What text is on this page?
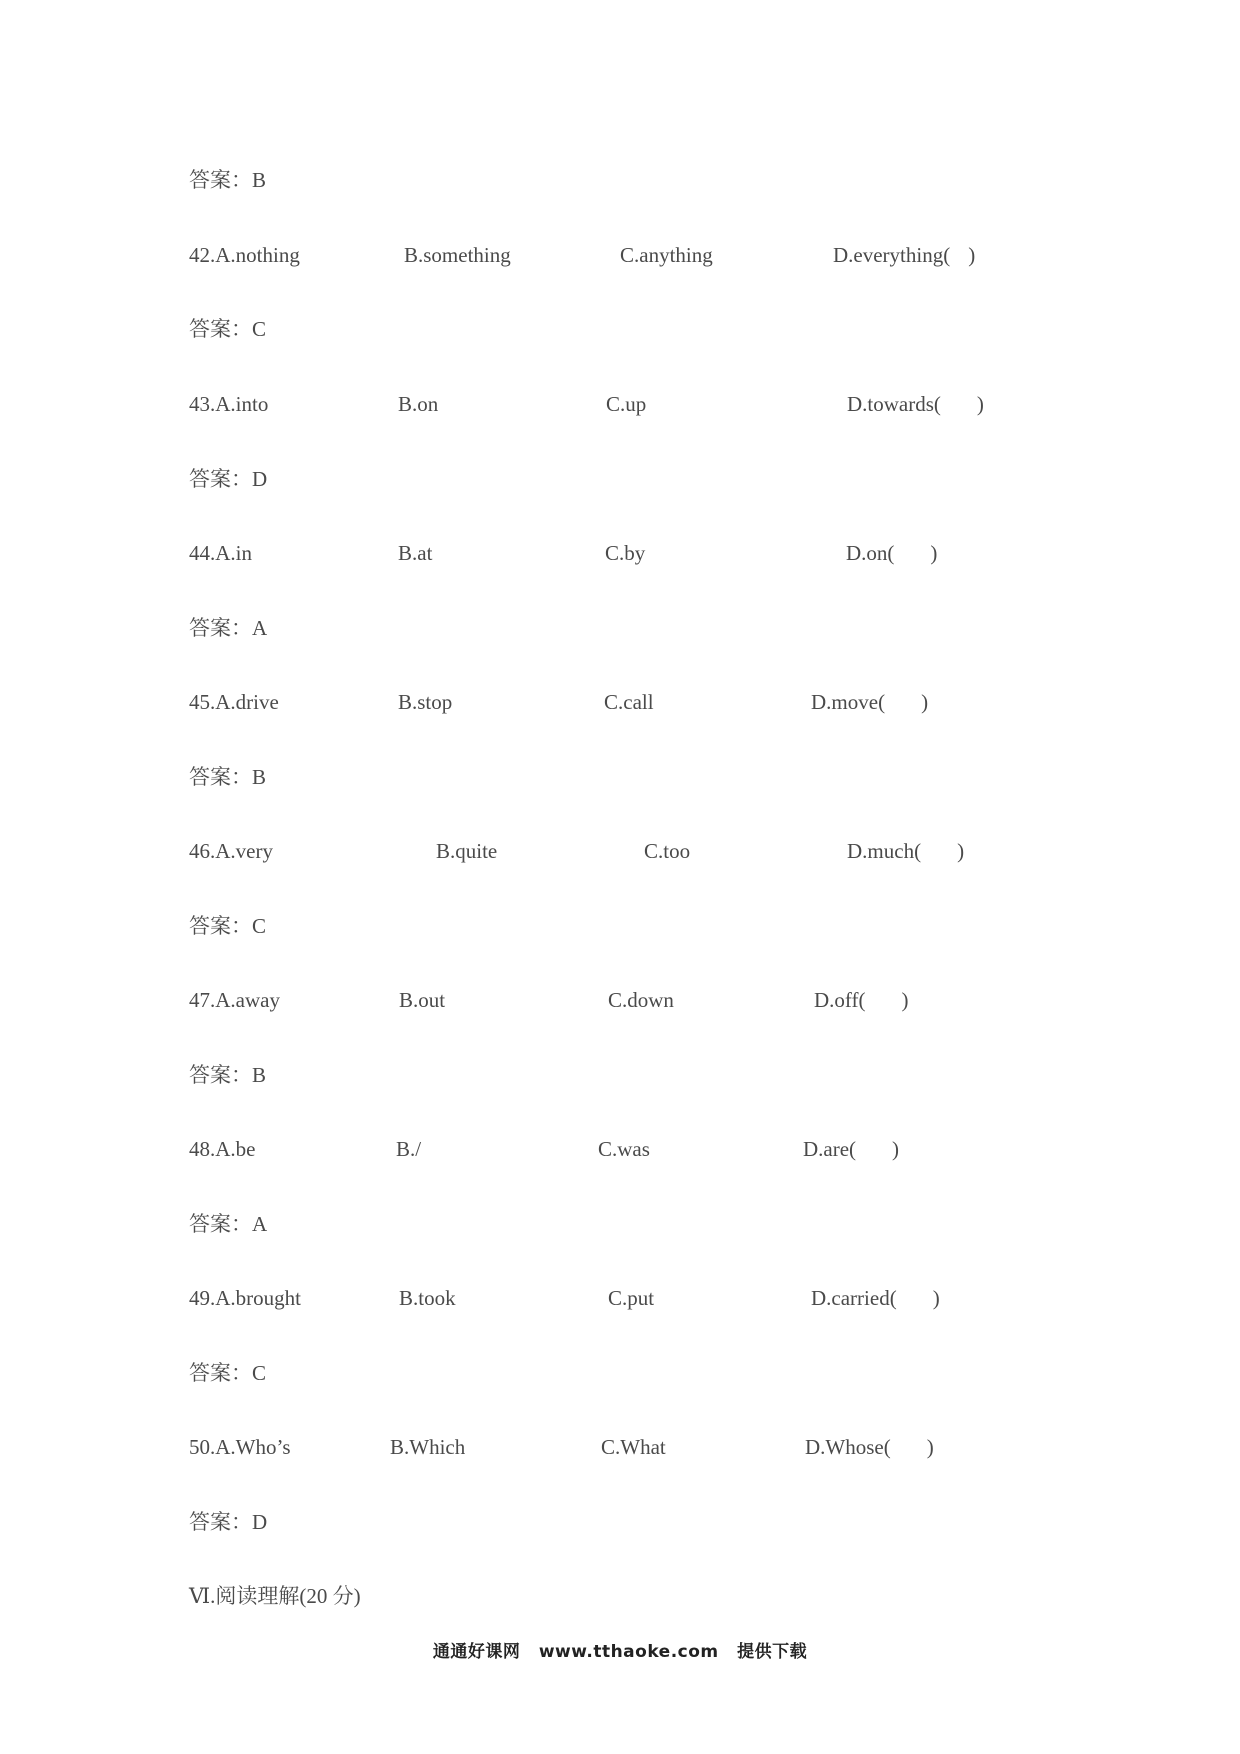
答案：B
42.A.nothing	B.something	C.anything	D.everything( )
答案：C
43.A.into	B.on	C.up	D.towards( )
答案：D
44.A.in	B.at	C.by	D.on( )
答案：A
45.A.drive	B.stop	C.call	D.move( )
答案：B
46.A.very	B.quite	C.too	D.much( )
答案：C
47.A.away	B.out	C.down	D.off( )
答案：B
48.A.be	B./	C.was	D.are( )
答案：A
49.A.brought	B.took	C.put	D.carried( )
答案：C
50.A.Who’s	B.Which	C.What	D.Whose( )
答案：D
Ⅵ.阅读理解(20 分)
通通好课网 www.tthaoke.com 提供下载
